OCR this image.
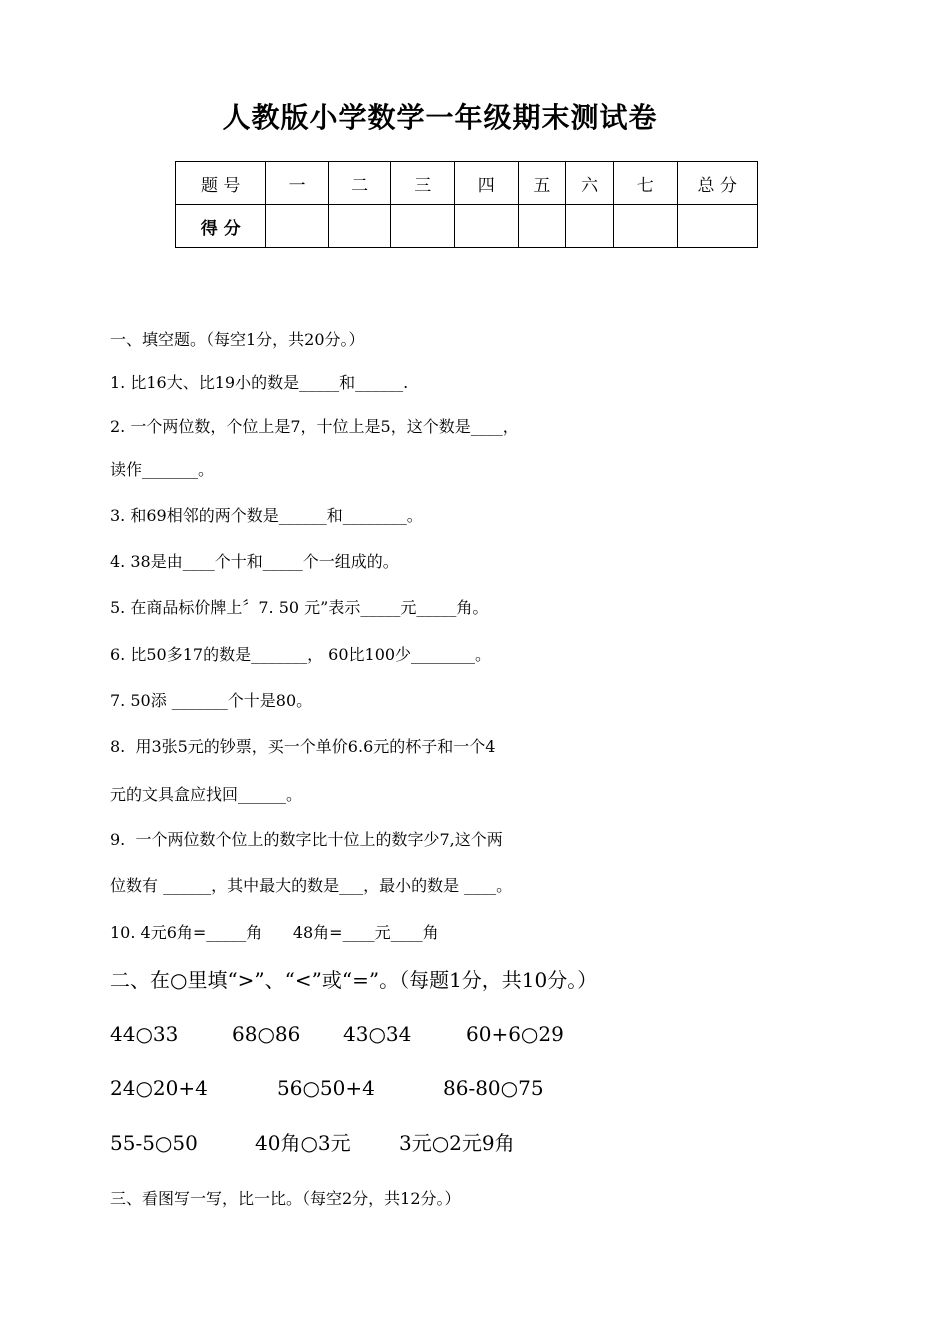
人教版小学数学一年级期末测试卷
题 号	一	二	三	四	五	六	七	总 分
得 分								
一、填空题。（每空1分，共20分。）
1. 比16大、比19小的数是_____和______.
2. 一个两位数，个位上是7，十位上是5，这个数是____，
读作_______。
3. 和69相邻的两个数是______和________。
4. 38是由____个十和_____个一组成的。
5. 在商品标价牌上〞7. 50 元”表示_____元_____角。
6. 比50多17的数是_______， 60比100少________。
7. 50添 _______个十是80。
8.  用3张5元的钞票，买一个单价6.6元的杯子和一个4
元的文具盒应找回______。
9.  一个两位数个位上的数字比十位上的数字少7,这个两
位数有 ______，其中最大的数是___，最小的数是 ____。
10. 4元6角=_____角      48角=____元____角
二、在○里填“>”、“<”或“=”。（每题1分，共10分。）
44○33	68○86 43○34	60+6○29
24○20+4	56○50+4	86-80○75
55-5○50	40角○3元 3元○2元9角
三、看图写一写，比一比。（每空2分，共12分。）
